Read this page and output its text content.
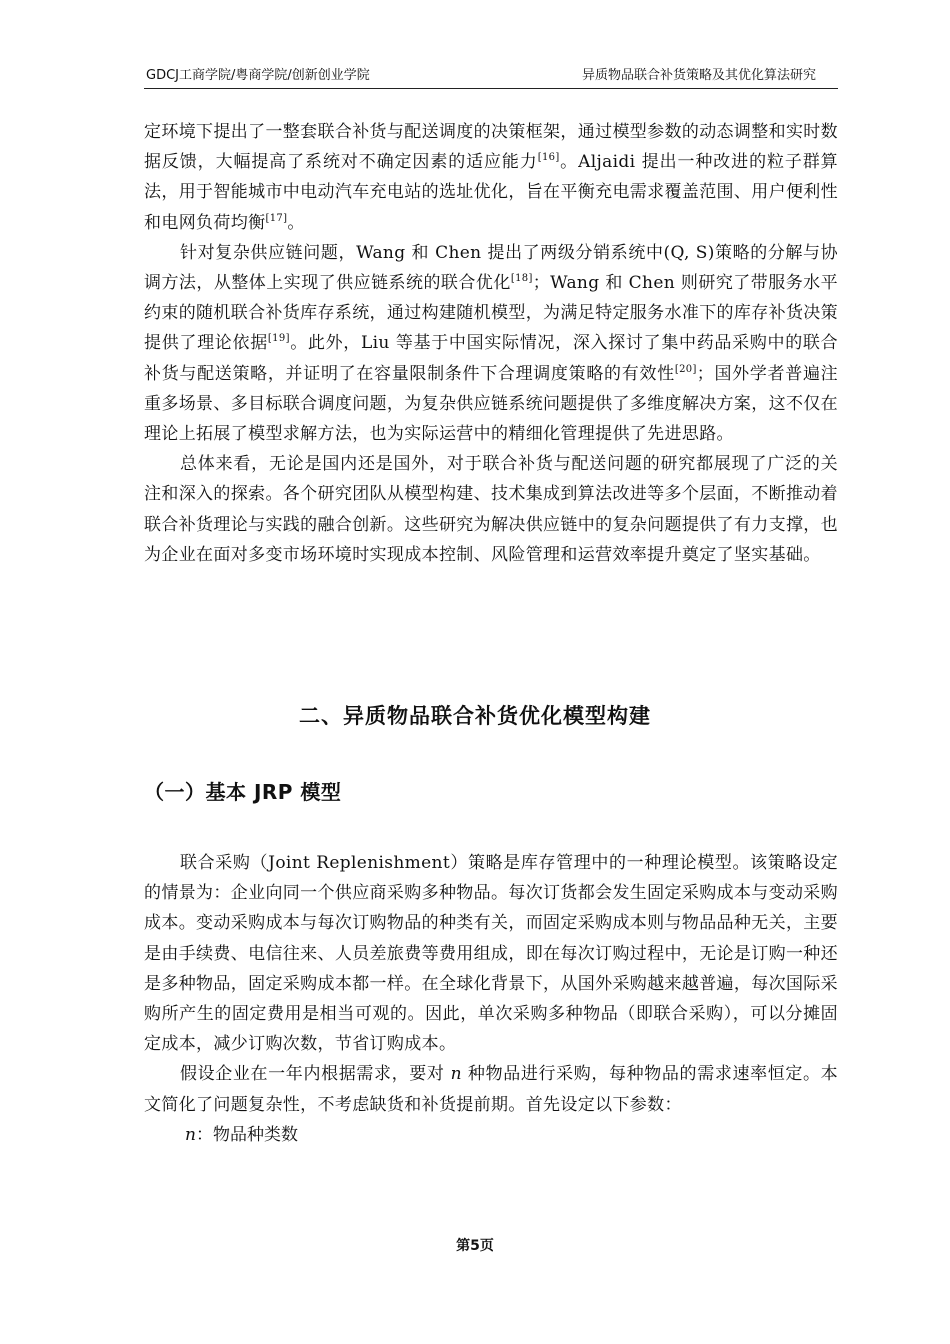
GDCJ工商学院/粤商学院/创新创业学院	异质物品联合补货策略及其优化算法研究

定环境下提出了一整套联合补货与配送调度的决策框架，通过模型参数的动态调整和实时数据反馈，大幅提高了系统对不确定因素的适应能力[16]。Aljaidi 提出一种改进的粒子群算法，用于智能城市中电动汽车充电站的选址优化，旨在平衡充电需求覆盖范围、用户便利性和电网负荷均衡[17]。

针对复杂供应链问题，Wang 和 Chen 提出了两级分销系统中(Q, S)策略的分解与协调方法，从整体上实现了供应链系统的联合优化[18]；Wang 和 Chen 则研究了带服务水平约束的随机联合补货库存系统，通过构建随机模型，为满足特定服务水准下的库存补货决策提供了理论依据[19]。此外，Liu 等基于中国实际情况，深入探讨了集中药品采购中的联合补货与配送策略，并证明了在容量限制条件下合理调度策略的有效性[20]；国外学者普遍注重多场景、多目标联合调度问题，为复杂供应链系统问题提供了多维度解决方案，这不仅在理论上拓展了模型求解方法，也为实际运营中的精细化管理提供了先进思路。

总体来看，无论是国内还是国外，对于联合补货与配送问题的研究都展现了广泛的关注和深入的探索。各个研究团队从模型构建、技术集成到算法改进等多个层面，不断推动着联合补货理论与实践的融合创新。这些研究为解决供应链中的复杂问题提供了有力支撑，也为企业在面对多变市场环境时实现成本控制、风险管理和运营效率提升奠定了坚实基础。

二、异质物品联合补货优化模型构建
（一）基本 JRP 模型

联合采购（Joint Replenishment）策略是库存管理中的一种理论模型。该策略设定的情景为：企业向同一个供应商采购多种物品。每次订货都会发生固定采购成本与变动采购成本。变动采购成本与每次订购物品的种类有关，而固定采购成本则与物品品种无关，主要是由手续费、电信往来、人员差旅费等费用组成，即在每次订购过程中，无论是订购一种还是多种物品，固定采购成本都一样。在全球化背景下，从国外采购越来越普遍，每次国际采购所产生的固定费用是相当可观的。因此，单次采购多种物品（即联合采购），可以分摊固定成本，减少订购次数，节省订购成本。

假设企业在一年内根据需求，要对 n 种物品进行采购，每种物品的需求速率恒定。本文简化了问题复杂性，不考虑缺货和补货提前期。首先设定以下参数：

n：物品种类数

第5页
